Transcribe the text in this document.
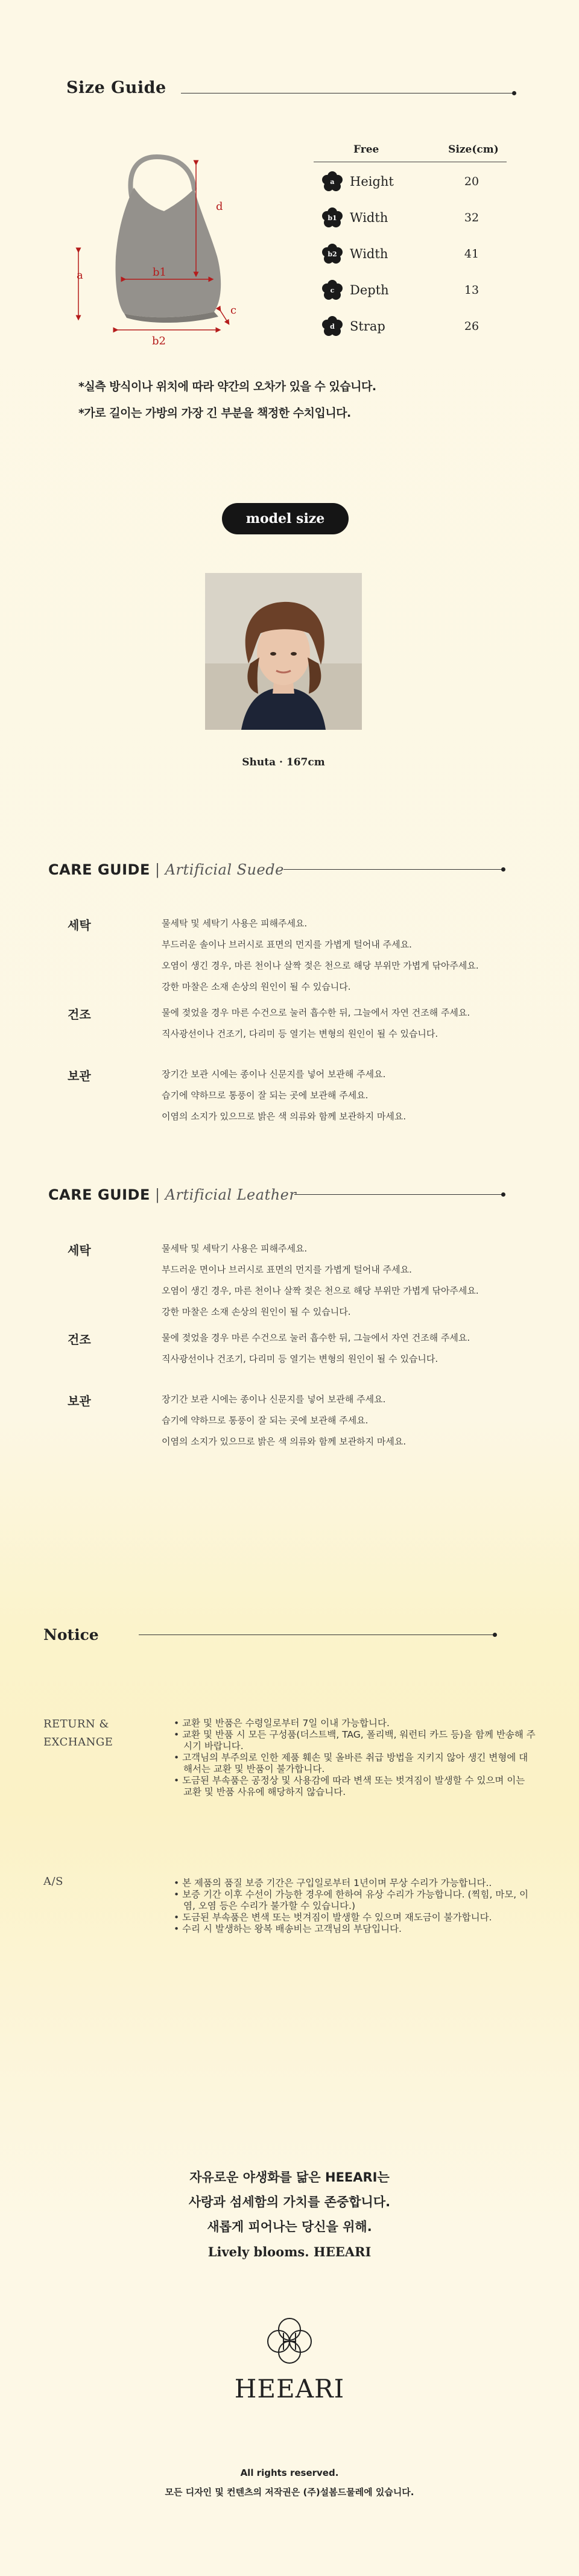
Size Guide
d
a	b1
c
b2
Free	Size(cm)
a	Height	20
b1	Width	32
b2	Width	41
c	Depth	13
d	Strap	26
*실측 방식이나 위치에 따라 약간의 오차가 있을 수 있습니다.
*가로 길이는 가방의 가장 긴 부분을 책정한 수치입니다.
model size
Shuta · 167cm
CARE GUIDE | Artificial Suede
세탁	물세탁 및 세탁기 사용은 피해주세요.
부드러운 솔이나 브러시로 표면의 먼지를 가볍게 털어내 주세요.
오염이 생긴 경우, 마른 천이나 살짝 젖은 천으로 해당 부위만 가볍게 닦아주세요.
강한 마찰은 소재 손상의 원인이 될 수 있습니다.
건조	물에 젖었을 경우 마른 수건으로 눌러 흡수한 뒤, 그늘에서 자연 건조해 주세요.
직사광선이나 건조기, 다리미 등 열기는 변형의 원인이 될 수 있습니다.
보관	장기간 보관 시에는 종이나 신문지를 넣어 보관해 주세요.
습기에 약하므로 통풍이 잘 되는 곳에 보관해 주세요.
이염의 소지가 있으므로 밝은 색 의류와 함께 보관하지 마세요.
CARE GUIDE | Artificial Leather
세탁	물세탁 및 세탁기 사용은 피해주세요.
부드러운 면이나 브러시로 표면의 먼지를 가볍게 털어내 주세요.
오염이 생긴 경우, 마른 천이나 살짝 젖은 천으로 해당 부위만 가볍게 닦아주세요.
강한 마찰은 소재 손상의 원인이 될 수 있습니다.
건조	물에 젖었을 경우 마른 수건으로 눌러 흡수한 뒤, 그늘에서 자연 건조해 주세요.
직사광선이나 건조기, 다리미 등 열기는 변형의 원인이 될 수 있습니다.
보관	장기간 보관 시에는 종이나 신문지를 넣어 보관해 주세요.
습기에 약하므로 통풍이 잘 되는 곳에 보관해 주세요.
이염의 소지가 있으므로 밝은 색 의류와 함께 보관하지 마세요.
Notice
RETURN &
EXCHANGE
• 교환 및 반품은 수령일로부터 7일 이내 가능합니다.
• 교환 및 반품 시 모든 구성품(더스트백, TAG, 폴리백, 워런티 카드 등)을 함께 반송해 주시기 바랍니다.
• 고객님의 부주의로 인한 제품 훼손 및 올바른 취급 방법을 지키지 않아 생긴 변형에 대해서는 교환 및 반품이 불가합니다.
• 도금된 부속품은 공정상 및 사용감에 따라 변색 또는 벗겨짐이 발생할 수 있으며 이는 교환 및 반품 사유에 해당하지 않습니다.
A/S	• 본 제품의 품질 보증 기간은 구입일로부터 1년이며 무상 수리가 가능합니다..
• 보증 기간 이후 수선이 가능한 경우에 한하여 유상 수리가 가능합니다. (찍힘, 마모, 이염, 오염 등은 수리가 불가할 수 있습니다.)
• 도금된 부속품은 변색 또는 벗겨짐이 발생할 수 있으며 재도금이 불가합니다.
• 수리 시 발생하는 왕복 배송비는 고객님의 부담입니다.
자유로운 야생화를 닮은 HEEARI는
사랑과 섬세함의 가치를 존중합니다.
새롭게 피어나는 당신을 위해.
Lively blooms. HEEARI
HEEARI
All rights reserved.
모든 디자인 및 컨텐츠의 저작권은 (주)설봄드물레에 있습니다.
